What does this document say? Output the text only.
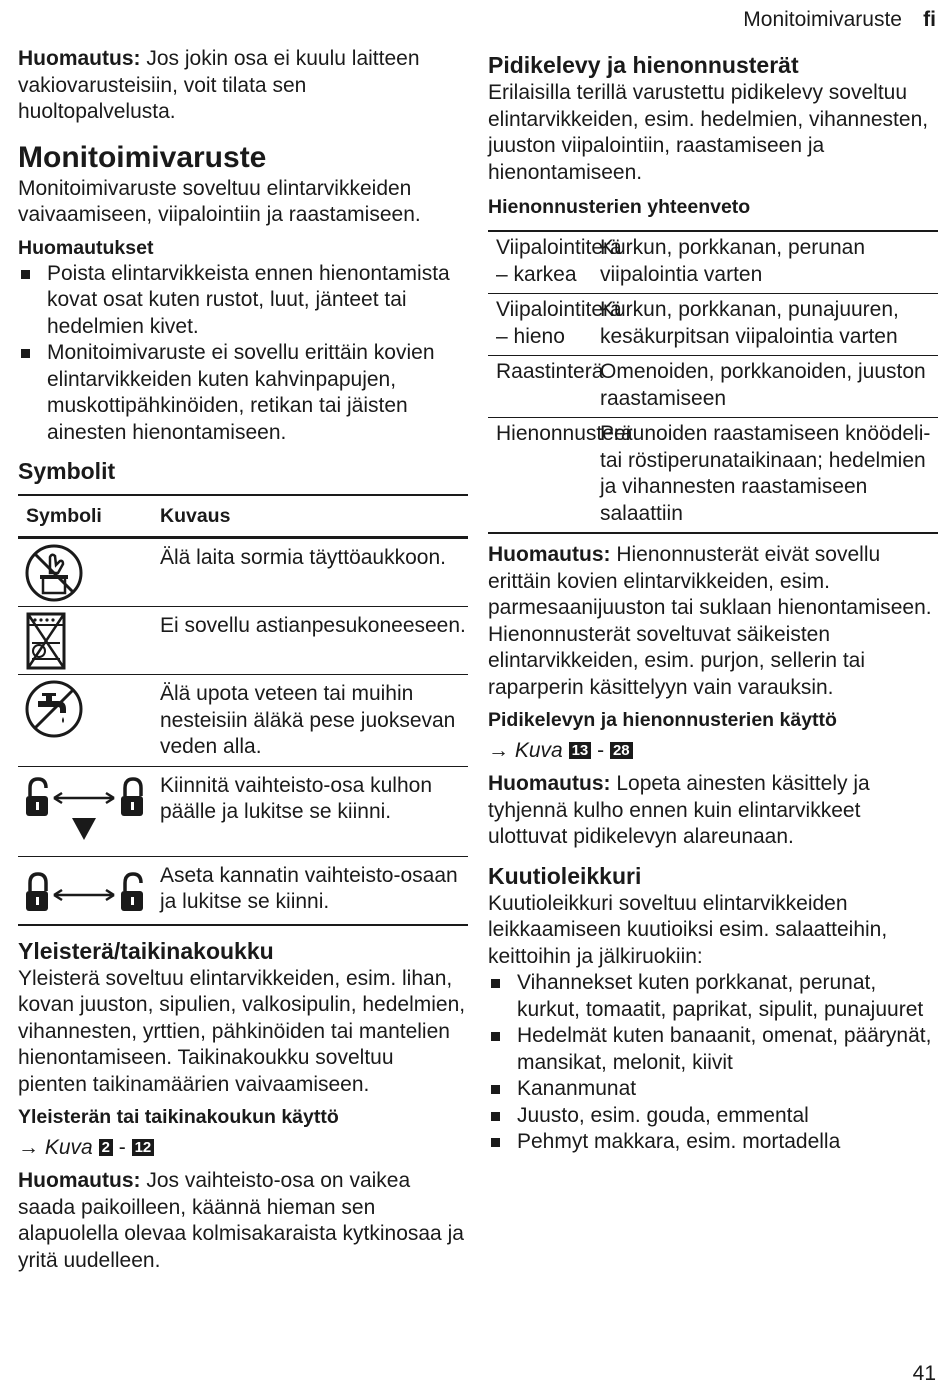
Monitoimivaruste fi

Huomautus: Jos jokin osa ei kuulu laitteen vakiovarusteisiin, voit tilata sen huoltopalvelusta.

Monitoimivaruste

Monitoimivaruste soveltuu elintarvikkeiden vaivaamiseen, viipalointiin ja raastamiseen.

Huomautukset
Poista elintarvikkeista ennen hienontamista kovat osat kuten rustot, luut, jänteet tai hedelmien kivet.
Monitoimivaruste ei sovellu erittäin kovien elintarvikkeiden kuten kahvinpapujen, muskottipähkinöiden, retikan tai jäisten ainesten hienontamiseen.
Symbolit
Symboli	Kuvaus
Älä laita sormia täyttöaukkoon.
Ei sovellu astianpesukoneeseen.
Älä upota veteen tai muihin nesteisiin äläkä pese juoksevan veden alla.
Kiinnitä vaihteisto-osa kulhon päälle ja lukitse se kiinni.
Aseta kannatin vaihteisto-osaan ja lukitse se kiinni.
Yleisterä/taikinakoukku

Yleisterä soveltuu elintarvikkeiden, esim. lihan, kovan juuston, sipulien, valkosipulin, hedelmien, vihannesten, yrttien, pähkinöiden tai mantelien hienontamiseen. Taikinakoukku soveltuu pienten taikinamäärien vaivaamiseen.

Yleisterän tai taikinakoukun käyttö
→ Kuva 2 - 12

Huomautus: Jos vaihteisto-osa on vaikea saada paikoilleen, käännä hieman sen alapuolella olevaa kolmisakaraista kytkinosaa ja yritä uudelleen.

Pidikelevy ja hienonnusterät

Erilaisilla terillä varustettu pidikelevy soveltuu elintarvikkeiden, esim. hedelmien, vihannesten, juuston viipalointiin, raastamiseen ja hienontamiseen.

Hienonnusterien yhteenveto
Viipalointiterä – karkea
Kurkun, porkkanan, perunan viipalointia varten
Viipalointiterä – hieno
Kurkun, porkkanan, punajuuren, kesäkurpitsan viipalointia varten
Raastinterä
Omenoiden, porkkanoiden, juuston raastamiseen
Hienonnusterä
Perunoiden raastamiseen knöödeli- tai röstiperunataikinaan; hedelmien ja vihannesten raastamiseen salaattiin

Huomautus: Hienonnusterät eivät sovellu erittäin kovien elintarvikkeiden, esim. parmesaanijuuston tai suklaan hienontamiseen.

Hienonnusterät soveltuvat säikeisten elintarvikkeiden, esim. purjon, sellerin tai raparperin käsittelyyn vain varauksin.

Pidikelevyn ja hienonnusterien käyttö
→ Kuva 13 - 28

Huomautus: Lopeta ainesten käsittely ja tyhjennä kulho ennen kuin elintarvikkeet ulottuvat pidikelevyn alareunaan.

Kuutioleikkuri

Kuutioleikkuri soveltuu elintarvikkeiden leikkaamiseen kuutioiksi esim. salaatteihin, keittoihin ja jälkiruokiin:

Vihannekset kuten porkkanat, perunat, kurkut, tomaatit, paprikat, sipulit, punajuuret
Hedelmät kuten banaanit, omenat, päärynät, mansikat, melonit, kiivit
Kananmunat
Juusto, esim. gouda, emmental
Pehmyt makkara, esim. mortadella
41
